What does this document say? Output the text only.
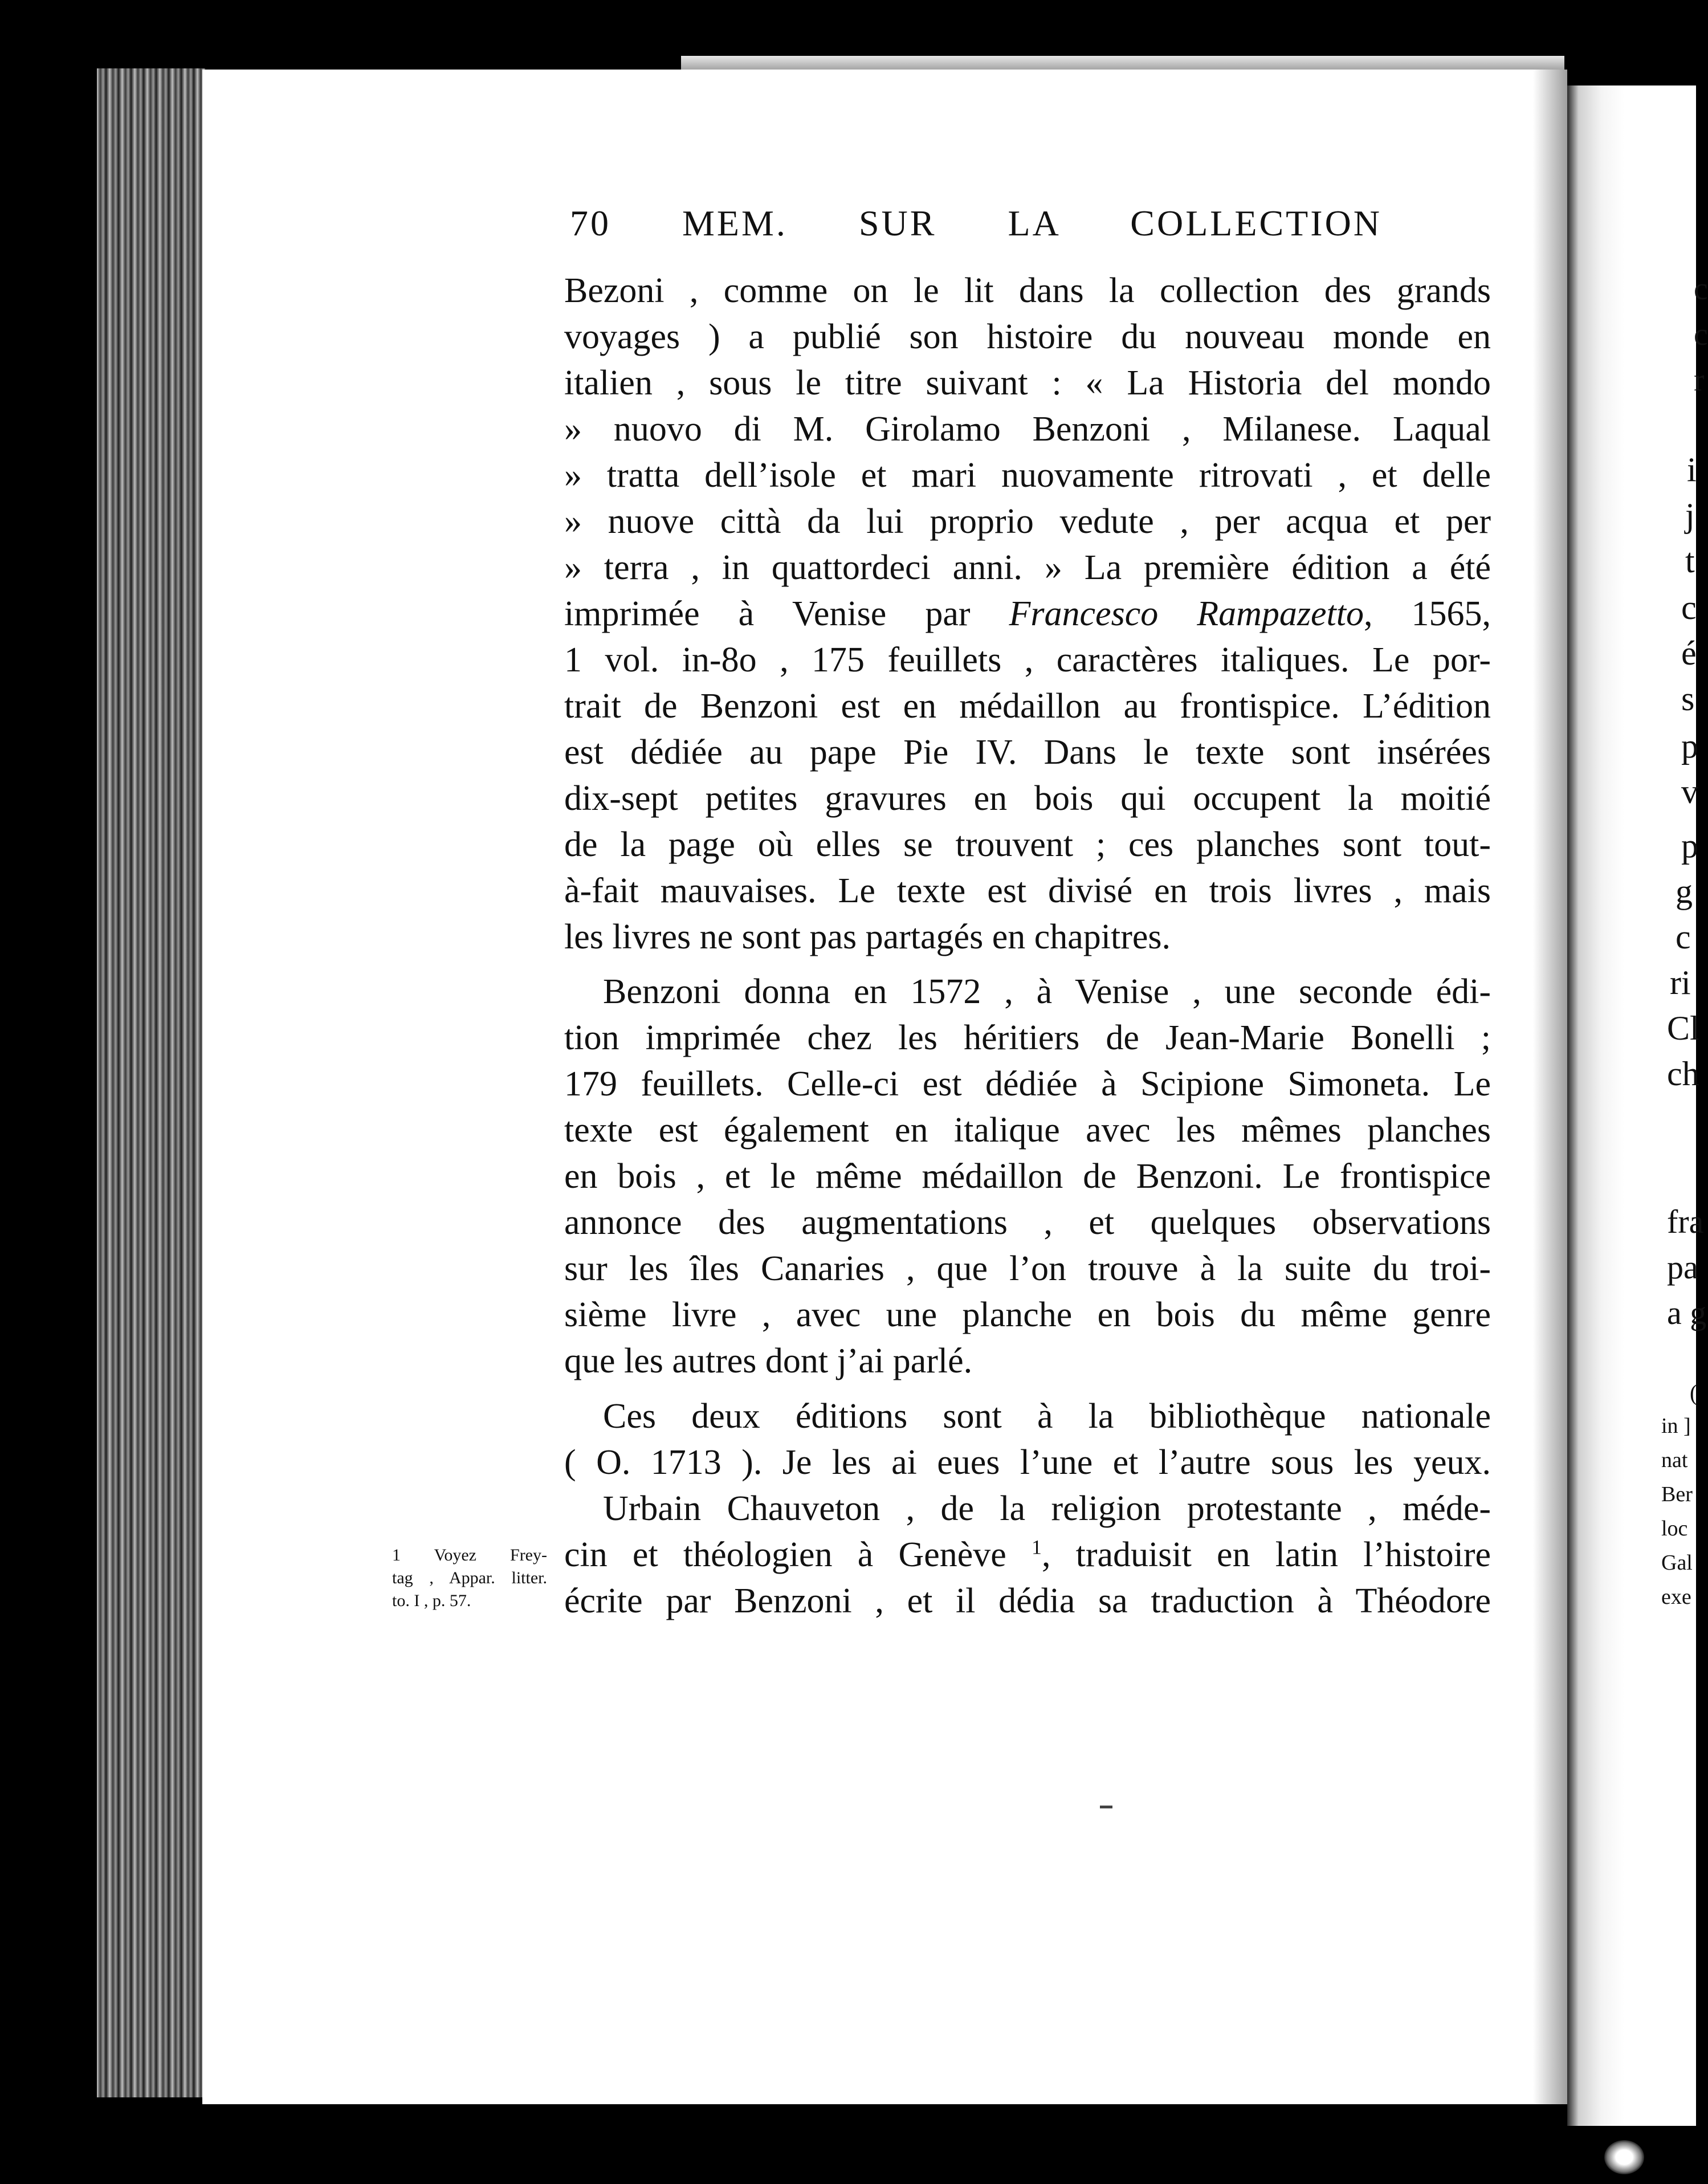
70 MEM. SUR LA COLLECTION
Bezoni , comme on le lit dans la collection des grands
voyages ) a publié son histoire du nouveau monde en
italien , sous le titre suivant : « La Historia del mondo
» nuovo di M. Girolamo Benzoni , Milanese. Laqual
» tratta dell’isole et mari nuovamente ritrovati , et delle
» nuove città da lui proprio vedute , per acqua et per
» terra , in quattordeci anni. » La première édition a été
imprimée à Venise par Francesco Rampazetto, 1565,
1 vol. in-8o , 175 feuillets , caractères italiques. Le por-
trait de Benzoni est en médaillon au frontispice. L’édition
est dédiée au pape Pie IV. Dans le texte sont insérées
dix-sept petites gravures en bois qui occupent la moitié
de la page où elles se trouvent ; ces planches sont tout-
à-fait mauvaises. Le texte est divisé en trois livres , mais
les livres ne sont pas partagés en chapitres.
Benzoni donna en 1572 , à Venise , une seconde édi-
tion imprimée chez les héritiers de Jean-Marie Bonelli ;
179 feuillets. Celle-ci est dédiée à Scipione Simoneta. Le
texte est également en italique avec les mêmes planches
en bois , et le même médaillon de Benzoni. Le frontispice
annonce des augmentations , et quelques observations
sur les îles Canaries , que l’on trouve à la suite du troi-
sième livre , avec une planche en bois du même genre
que les autres dont j’ai parlé.
Ces deux éditions sont à la bibliothèque nationale
( O. 1713 ). Je les ai eues l’une et l’autre sous les yeux.
Urbain Chauveton , de la religion protestante , méde-
cin et théologien à Genève $^1$, traduisit en latin l’histoire
écrite par Benzoni , et il dédia sa traduction à Théodore
1 Voyez Frey-
tag , Appar. litter.
to. I , p. 57.
c
c
r
i
j
t
c
é
s
p
v
p
g
c
ri
Cl
ch
fra
pa
a g
(
in ]
nat
Ber
loc
Gal
exe
